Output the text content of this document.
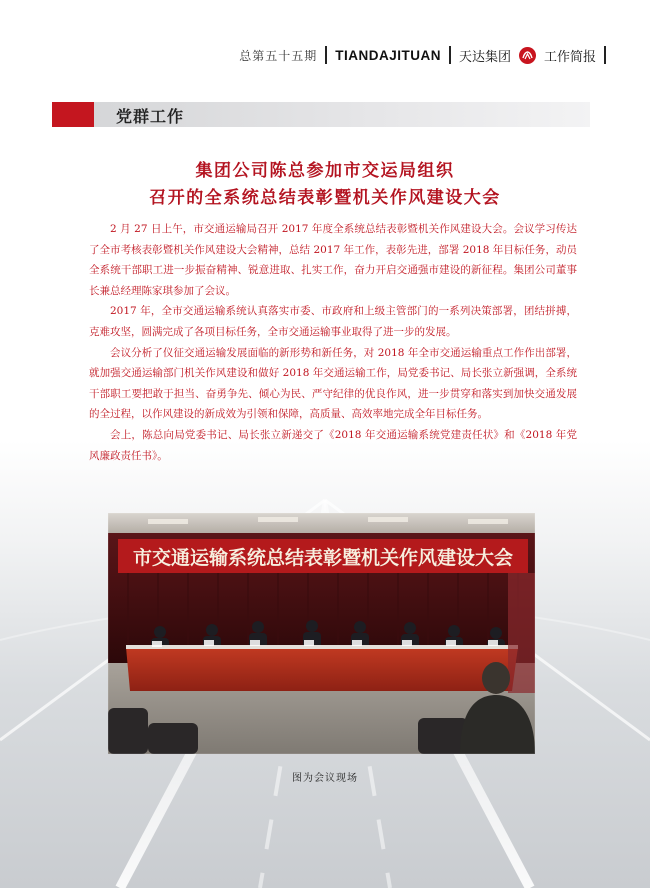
总第五十五期 TIANDAJITUAN 天达集团	工作简报
党群工作
集团公司陈总参加市交运局组织
召开的全系统总结表彰暨机关作风建设大会

2 月 27 日上午，市交通运输局召开 2017 年度全系统总结表彰暨机关作风建设大会。会议学习传达了全市考核表彰暨机关作风建设大会精神，总结 2017 年工作，表彰先进，部署 2018 年目标任务，动员全系统干部职工进一步振奋精神、锐意进取、扎实工作，奋力开启交通强市建设的新征程。集团公司董事长兼总经理陈家琪参加了会议。

2017 年，全市交通运输系统认真落实市委、市政府和上级主管部门的一系列决策部署，团结拼搏，克难攻坚，圆满完成了各项目标任务，全市交通运输事业取得了进一步的发展。

会议分析了仪征交通运输发展面临的新形势和新任务，对 2018 年全市交通运输重点工作作出部署，就加强交通运输部门机关作风建设和做好 2018 年交通运输工作，局党委书记、局长张立新强调，全系统干部职工要把敢于担当、奋勇争先、倾心为民、严守纪律的优良作风，进一步贯穿和落实到加快交通发展的全过程，以作风建设的新成效为引领和保障，高质量、高效率地完成全年目标任务。

会上，陈总向局党委书记、局长张立新递交了《2018 年交通运输系统党建责任状》和《2018 年党风廉政责任书》。

市交通运输系统总结表彰暨机关作风建设大会
图为会议现场
